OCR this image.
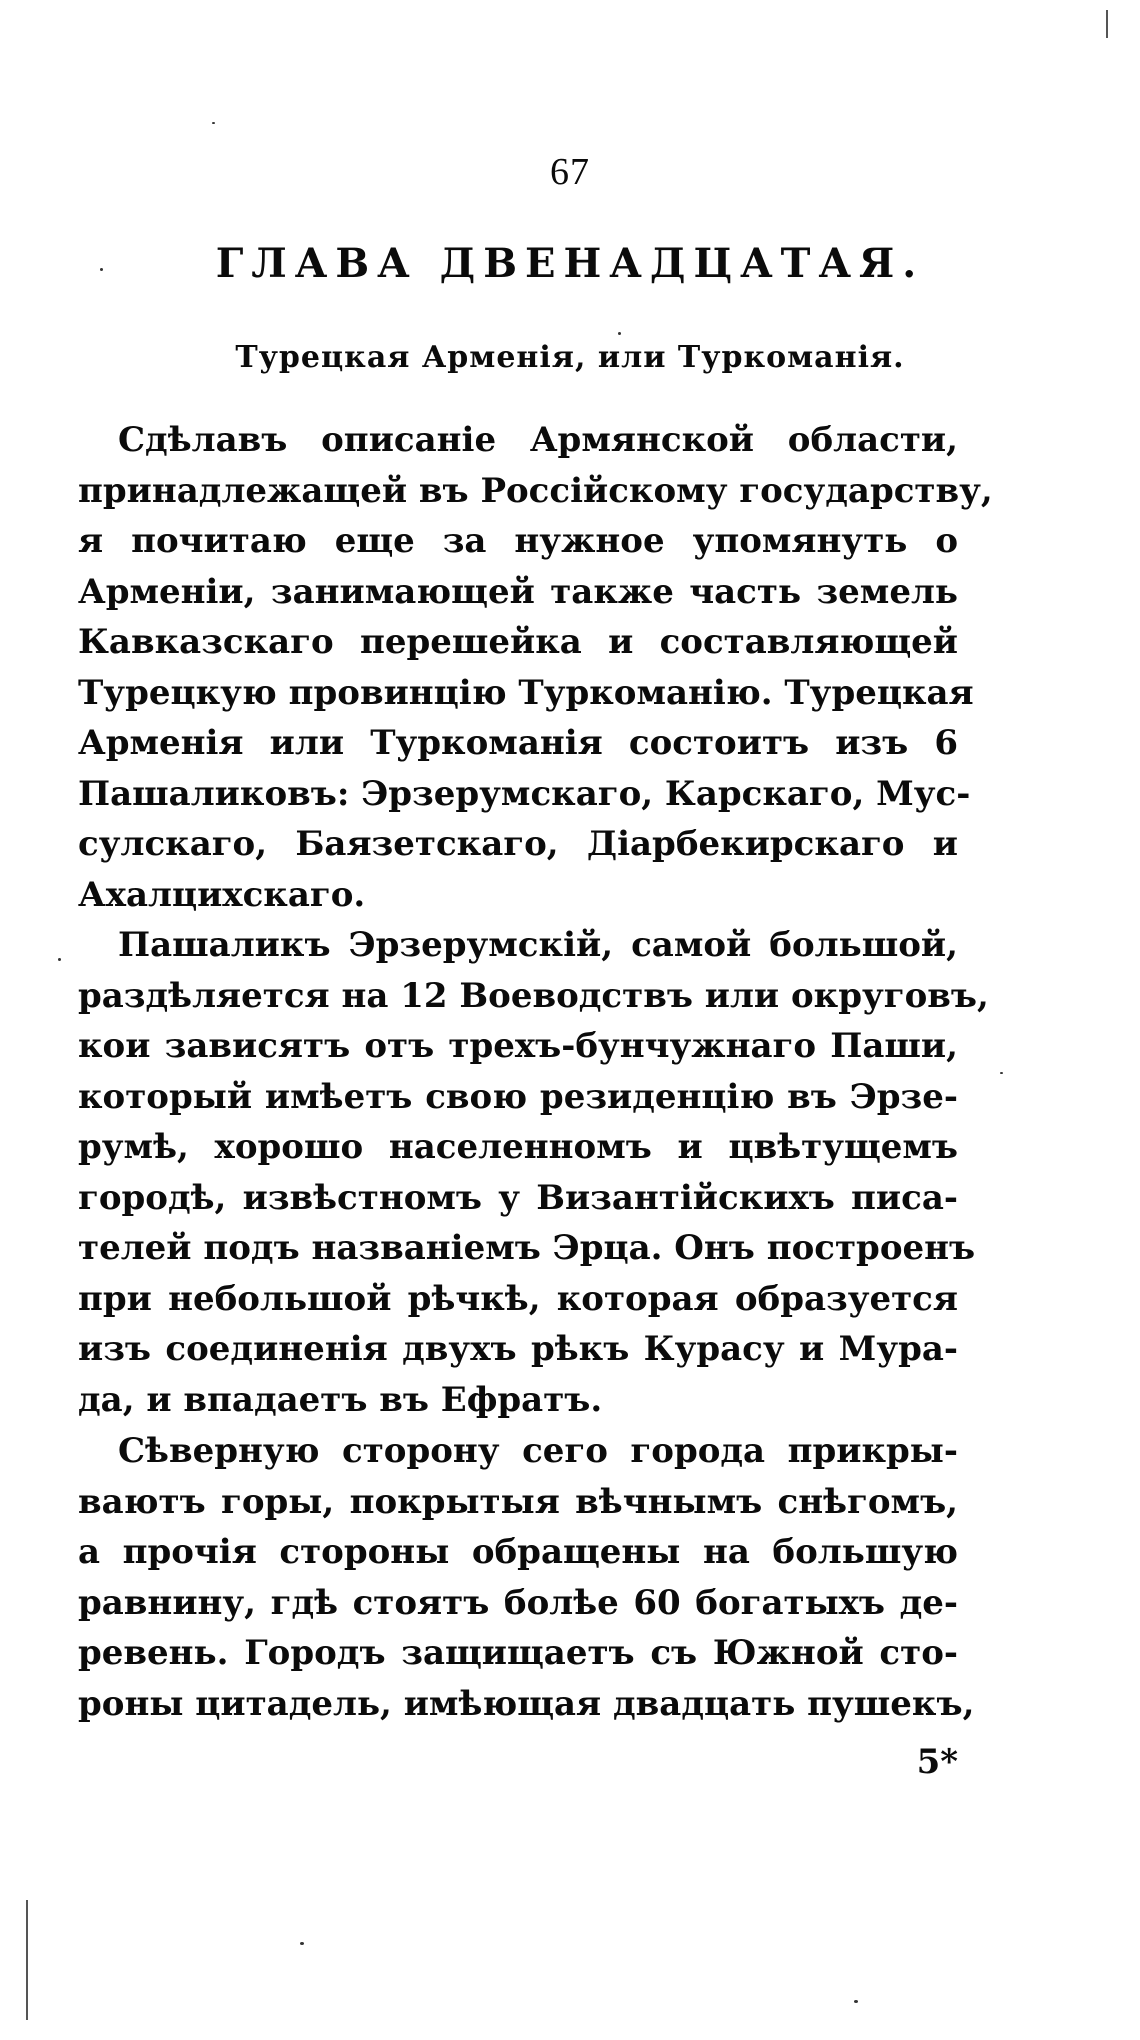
67
ГЛАВА ДВЕНАДЦАТАЯ.
Турецкая Арменія, или Туркоманія.
Сдѣлавъ описаніе Армянской области,
принадлежащей въ Россійскому государству,
я почитаю еще за нужное упомянуть о
Арменіи, занимающей также часть земель
Кавказскаго перешейка и составляющей
Турецкую провинцію Туркоманію. Турецкая
Арменія или Туркоманія состоитъ изъ 6
Пашаликовъ: Эрзерумскаго, Карскаго, Мус-
сулскаго, Баязетскаго, Діарбекирскаго и
Ахалцихскаго.
Пашаликъ Эрзерумскій, самой большой,
раздѣляется на 12 Воеводствъ или округовъ,
кои зависятъ отъ трехъ-бунчужнаго Паши,
который имѣетъ свою резиденцію въ Эрзе-
румѣ, хорошо населенномъ и цвѣтущемъ
городѣ, извѣстномъ у Византійскихъ писа-
телей подъ названіемъ Эрца. Онъ построенъ
при небольшой рѣчкѣ, которая образуется
изъ соединенія двухъ рѣкъ Курасу и Мура-
да, и впадаетъ въ Ефратъ.
Сѣверную сторону сего города прикры-
ваютъ горы, покрытыя вѣчнымъ снѣгомъ,
а прочія стороны обращены на большую
равнину, гдѣ стоятъ болѣе 60 богатыхъ де-
ревень. Городъ защищаетъ съ Южной сто-
роны цитадель, имѣющая двадцать пушекъ,
5*
